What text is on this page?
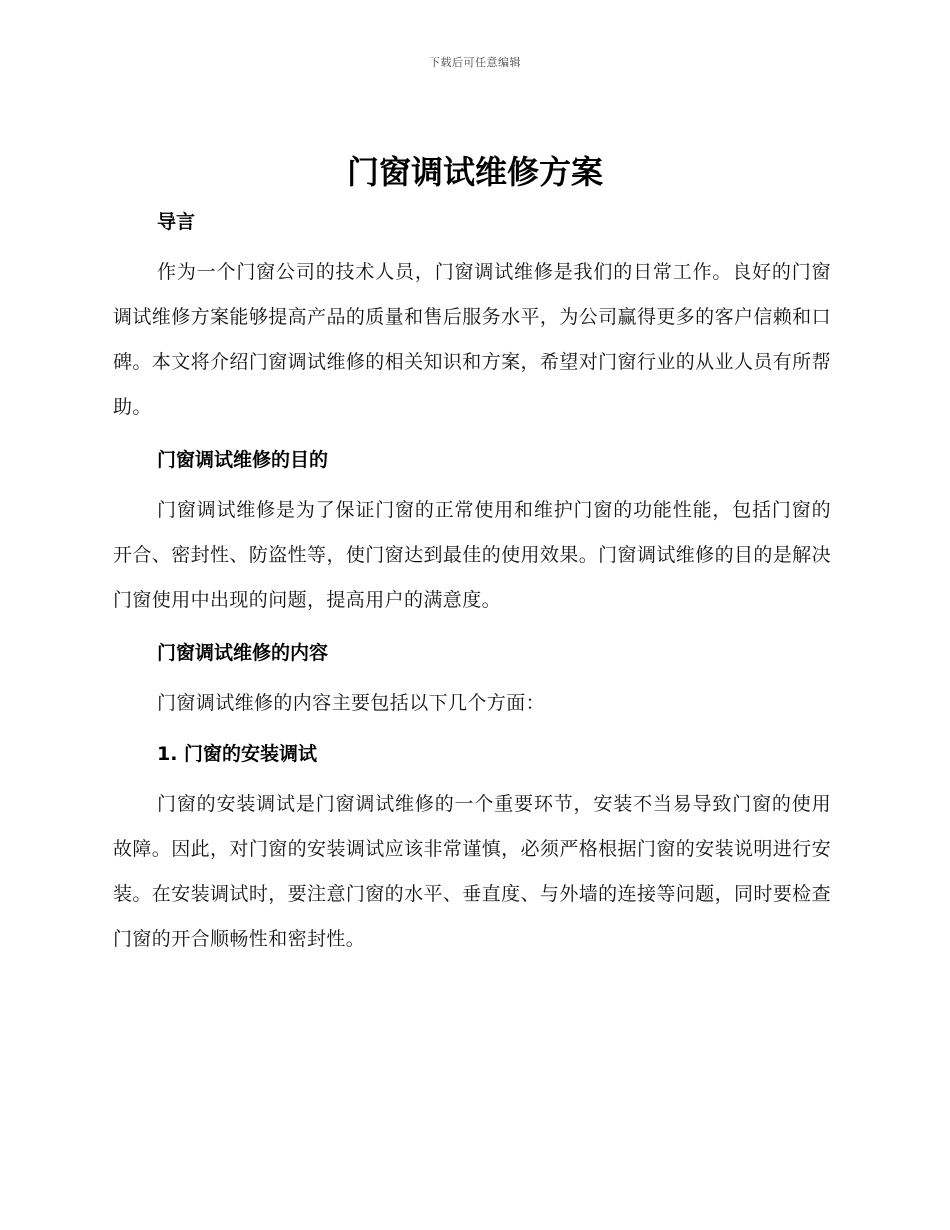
下载后可任意编辑
门窗调试维修方案
导言

作为一个门窗公司的技术人员，门窗调试维修是我们的日常工作。良好的门窗调试维修方案能够提高产品的质量和售后服务水平，为公司赢得更多的客户信赖和口碑。本文将介绍门窗调试维修的相关知识和方案，希望对门窗行业的从业人员有所帮助。

门窗调试维修的目的

门窗调试维修是为了保证门窗的正常使用和维护门窗的功能性能，包括门窗的开合、密封性、防盗性等，使门窗达到最佳的使用效果。门窗调试维修的目的是解决门窗使用中出现的问题，提高用户的满意度。

门窗调试维修的内容

门窗调试维修的内容主要包括以下几个方面：

1. 门窗的安装调试

门窗的安装调试是门窗调试维修的一个重要环节，安装不当易导致门窗的使用故障。因此，对门窗的安装调试应该非常谨慎，必须严格根据门窗的安装说明进行安装。在安装调试时，要注意门窗的水平、垂直度、与外墙的连接等问题，同时要检查门窗的开合顺畅性和密封性。
